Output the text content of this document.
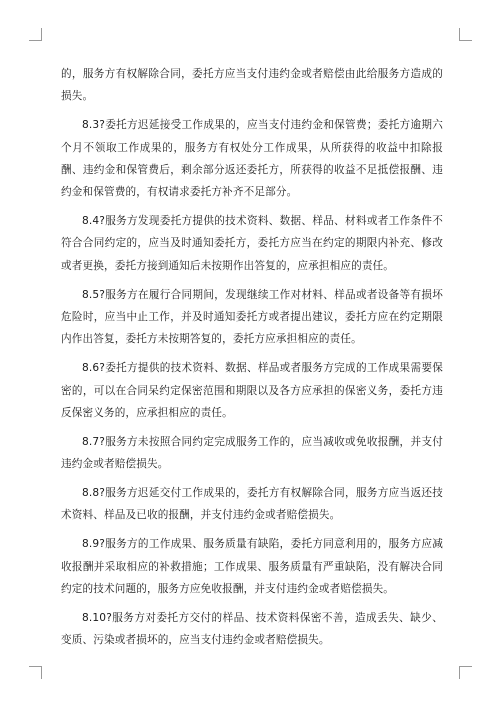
的，服务方有权解除合同，委托方应当支付违约金或者赔偿由此给服务方造成的损失。

8.3?委托方迟延接受工作成果的，应当支付违约金和保管费；委托方逾期六个月不领取工作成果的，服务方有权处分工作成果，从所获得的收益中扣除报酬、违约金和保管费后，剩余部分返还委托方，所获得的收益不足抵偿报酬、违约金和保管费的，有权请求委托方补齐不足部分。

8.4?服务方发现委托方提供的技术资料、数据、样品、材料或者工作条件不符合合同约定的，应当及时通知委托方，委托方应当在约定的期限内补充、修改或者更换，委托方接到通知后未按期作出答复的，应承担相应的责任。

8.5?服务方在履行合同期间，发现继续工作对材料、样品或者设备等有损坏危险时，应当中止工作，并及时通知委托方或者提出建议，委托方应在约定期限内作出答复，委托方未按期答复的，委托方应承担相应的责任。

8.6?委托方提供的技术资料、数据、样品或者服务方完成的工作成果需要保密的，可以在合同呆约定保密范围和期限以及各方应承担的保密义务，委托方违反保密义务的，应承担相应的责任。

8.7?服务方未按照合同约定完成服务工作的，应当减收或免收报酬，并支付违约金或者赔偿损失。

8.8?服务方迟延交付工作成果的，委托方有权解除合同，服务方应当返还技术资料、样品及已收的报酬，并支付违约金或者赔偿损失。

8.9?服务方的工作成果、服务质量有缺陷，委托方同意利用的，服务方应减收报酬并采取相应的补救措施；工作成果、服务质量有严重缺陷，没有解决合同约定的技术问题的，服务方应免收报酬，并支付违约金或者赔偿损失。

8.10?服务方对委托方交付的样品、技术资料保密不善，造成丢失、缺少、变质、污染或者损坏的，应当支付违约金或者赔偿损失。
